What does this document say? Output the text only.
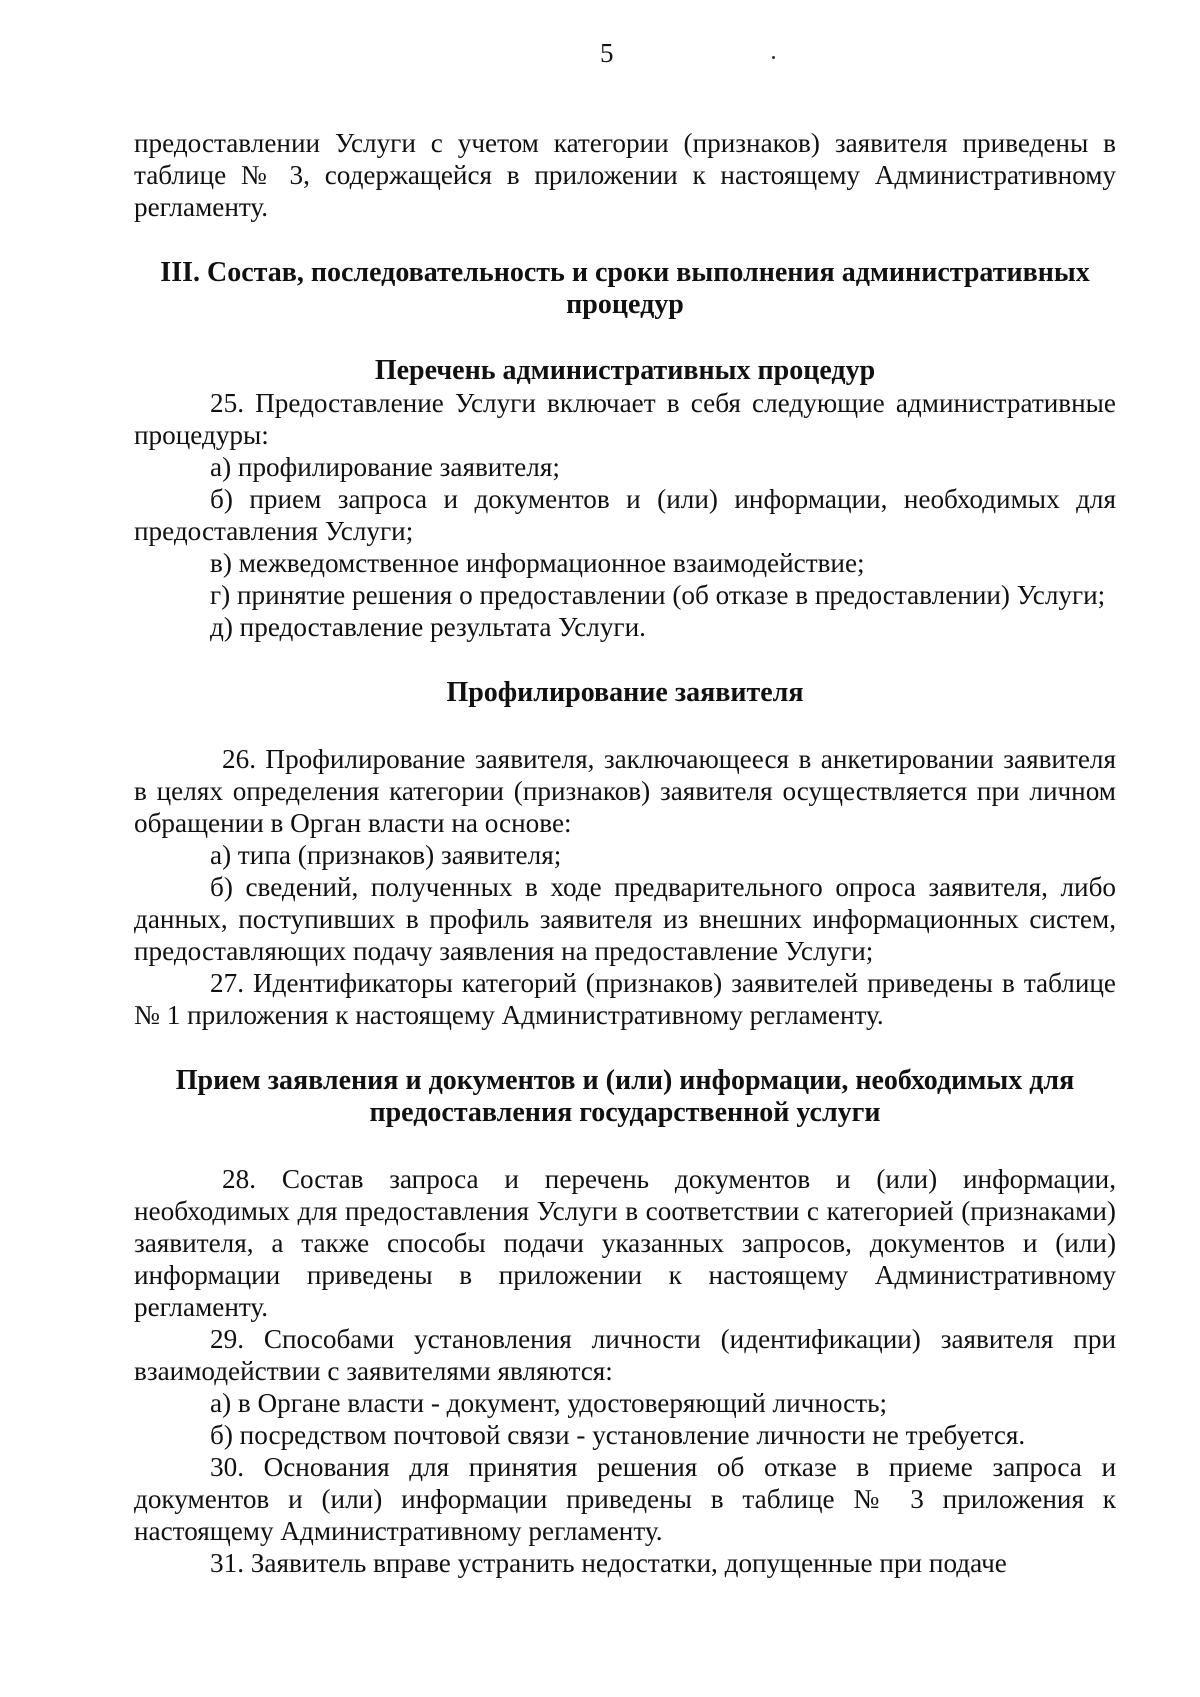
5

предоставлении Услуги с учетом категории (признаков) заявителя приведены в таблице № 3, содержащейся в приложении к настоящему Административному регламенту.

III. Состав, последовательность и сроки выполнения административных процедур
Перечень административных процедур

25. Предоставление Услуги включает в себя следующие административные процедуры:

а) профилирование заявителя;

б) прием запроса и документов и (или) информации, необходимых для предоставления Услуги;

в) межведомственное информационное взаимодействие;

г) принятие решения о предоставлении (об отказе в предоставлении) Услуги;

д) предоставление результата Услуги.

Профилирование заявителя

26. Профилирование заявителя, заключающееся в анкетировании заявителя в целях определения категории (признаков) заявителя осуществляется при личном обращении в Орган власти на основе:

а) типа (признаков) заявителя;

б) сведений, полученных в ходе предварительного опроса заявителя, либо данных, поступивших в профиль заявителя из внешних информационных систем, предоставляющих подачу заявления на предоставление Услуги;

27. Идентификаторы категорий (признаков) заявителей приведены в таблице № 1 приложения к настоящему Административному регламенту.

Прием заявления и документов и (или) информации, необходимых для предоставления государственной услуги

28. Состав запроса и перечень документов и (или) информации, необходимых для предоставления Услуги в соответствии с категорией (признаками) заявителя, а также способы подачи указанных запросов, документов и (или) информации приведены в приложении к настоящему Административному регламенту.

29. Способами установления личности (идентификации) заявителя при взаимодействии с заявителями являются:

а) в Органе власти - документ, удостоверяющий личность;

б) посредством почтовой связи - установление личности не требуется.

30. Основания для принятия решения об отказе в приеме запроса и документов и (или) информации приведены в таблице № 3 приложения к настоящему Административному регламенту.

31. Заявитель вправе устранить недостатки, допущенные при подаче
